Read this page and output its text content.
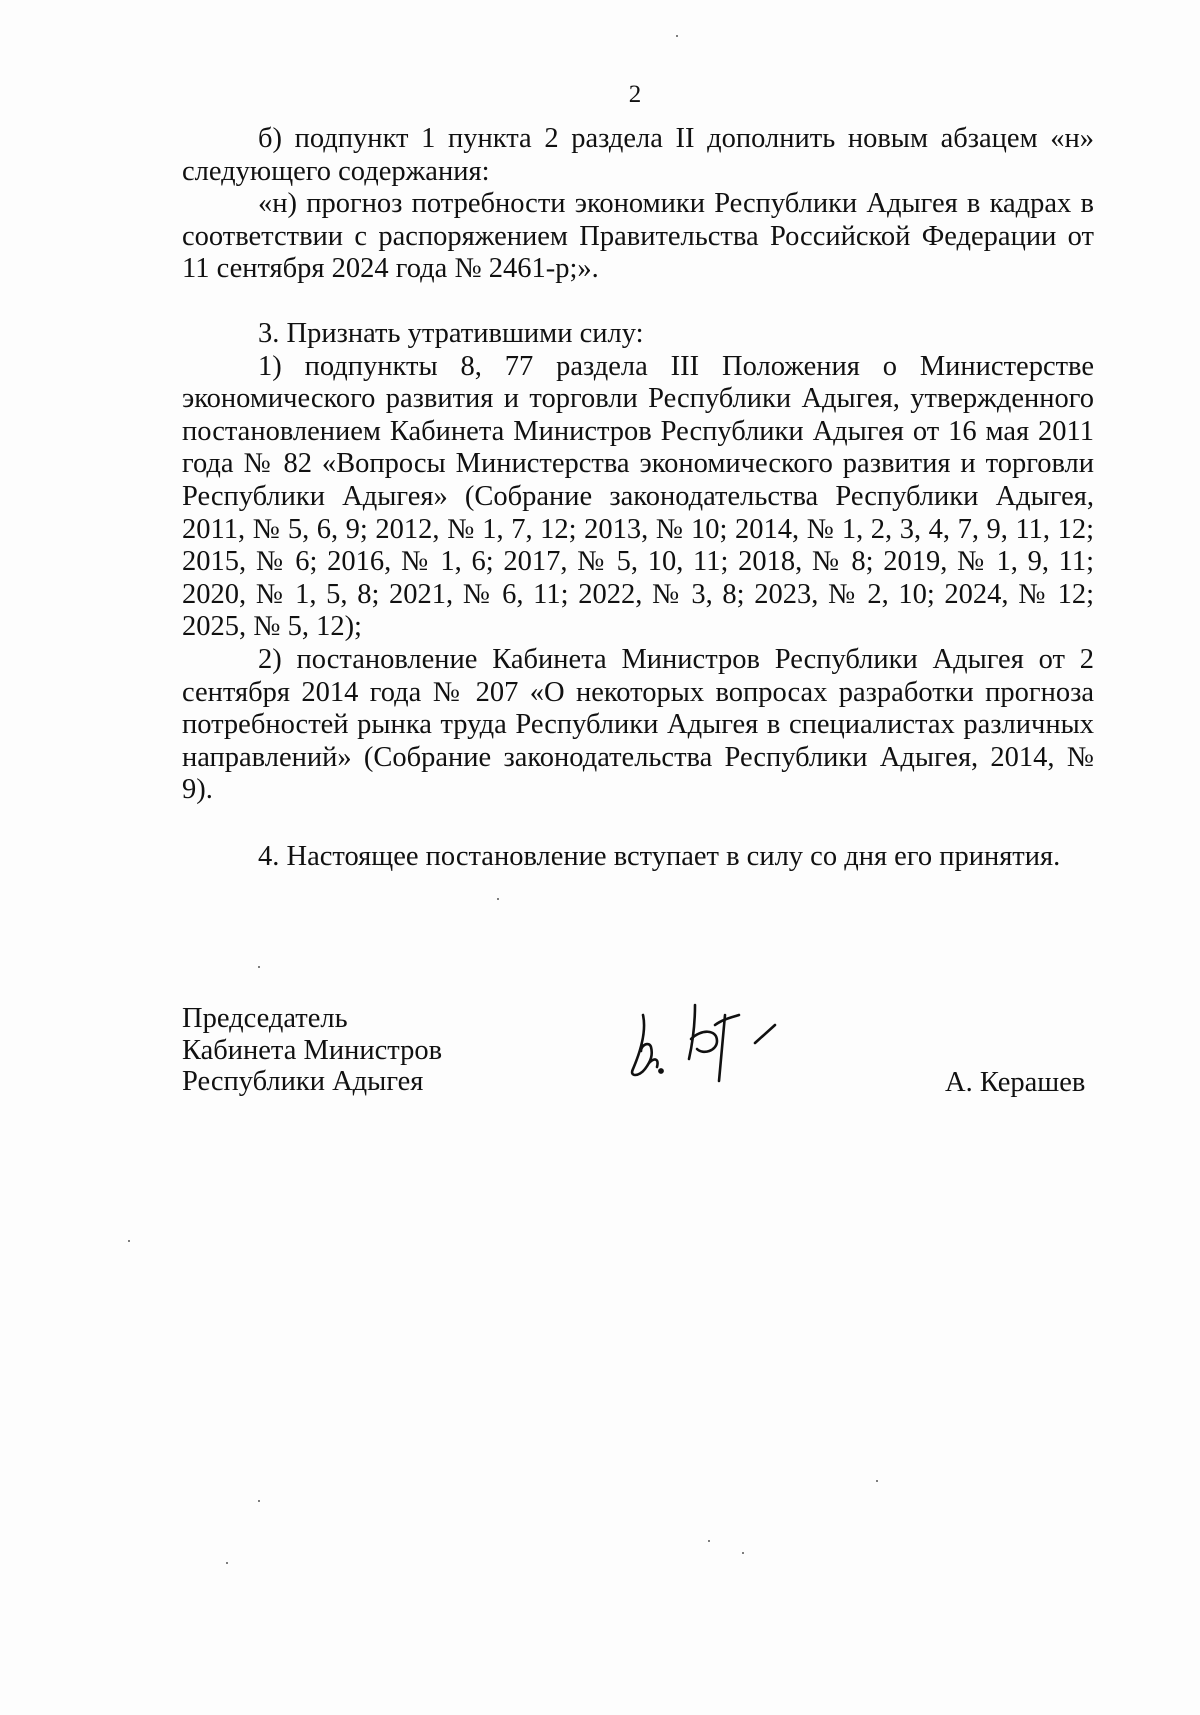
2

б) подпункт 1 пункта 2 раздела II дополнить новым абзацем «н» следующего содержания:

«н) прогноз потребности экономики Республики Адыгея в кадрах в соответствии с распоряжением Правительства Российской Федерации от 11 сентября 2024 года № 2461-р;».

3. Признать утратившими силу:

1) подпункты 8, 77 раздела III Положения о Министерстве экономического развития и торговли Республики Адыгея, утвержденного постановлением Кабинета Министров Республики Адыгея от 16 мая 2011 года № 82 «Вопросы Министерства экономического развития и торговли Республики Адыгея» (Собрание законодательства Республики Адыгея, 2011, № 5, 6, 9; 2012, № 1, 7, 12; 2013, № 10; 2014, № 1, 2, 3, 4, 7, 9, 11, 12; 2015, № 6; 2016, № 1, 6; 2017, № 5, 10, 11; 2018, № 8; 2019, № 1, 9, 11; 2020, № 1, 5, 8; 2021, № 6, 11; 2022, № 3, 8; 2023, № 2, 10; 2024, № 12; 2025, № 5, 12);

2) постановление Кабинета Министров Республики Адыгея от 2 сентября 2014 года № 207 «О некоторых вопросах разработки прогноза потребностей рынка труда Республики Адыгея в специалистах различных направлений» (Собрание законодательства Республики Адыгея, 2014, № 9).

4. Настоящее постановление вступает в силу со дня его принятия.

Председатель
Кабинета Министров
Республики Адыгея	А. Керашев
